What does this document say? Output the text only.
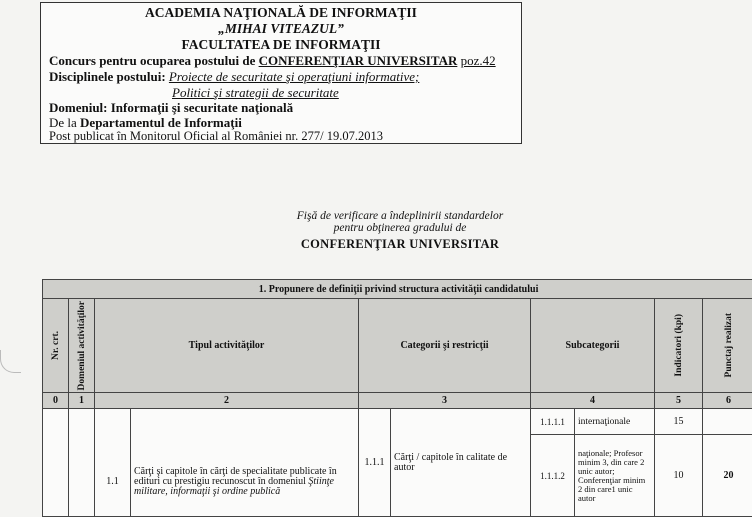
ACADEMIA NAŢIONALĂ DE INFORMAŢII
„MIHAI VITEAZUL”
FACULTATEA DE INFORMAŢII
Concurs pentru ocuparea postului de CONFERENŢIAR UNIVERSITAR poz.42
Disciplinele postului: Proiecte de securitate şi operaţiuni informative;
Politici şi strategii de securitate
Domeniul: Informaţii şi securitate naţională
De la Departamentul de Informaţii
Post publicat în Monitorul Oficial al României nr. 277/ 19.07.2013
Fişă de verificare a îndeplinirii standardelor
pentru obţinerea gradului de
CONFERENŢIAR UNIVERSITAR
1. Propunere de definiţii privind structura activităţii candidatului									

Nr. crt.	Domeniul activităţilor	Tipul activităţilor		Categorii şi restricţii		Subcategorii		Indicatori (kpi)	Punctaj realizat

0	1	2		3		4		5	6
		1.1	Cărţi şi capitole în cărţi de specialitate publicate în edituri cu prestigiu recunoscut în domeniul Ştiinţe militare, informaţii şi ordine publică	1.1.1	Cărţi / capitole în calitate de autor	1.1.1.1	internaţionale	15	
						1.1.1.2	naţionale; Profesor minim 3, din care 2 unic autor; Conferenţiar minim 2 din care1 unic autor	10	20
